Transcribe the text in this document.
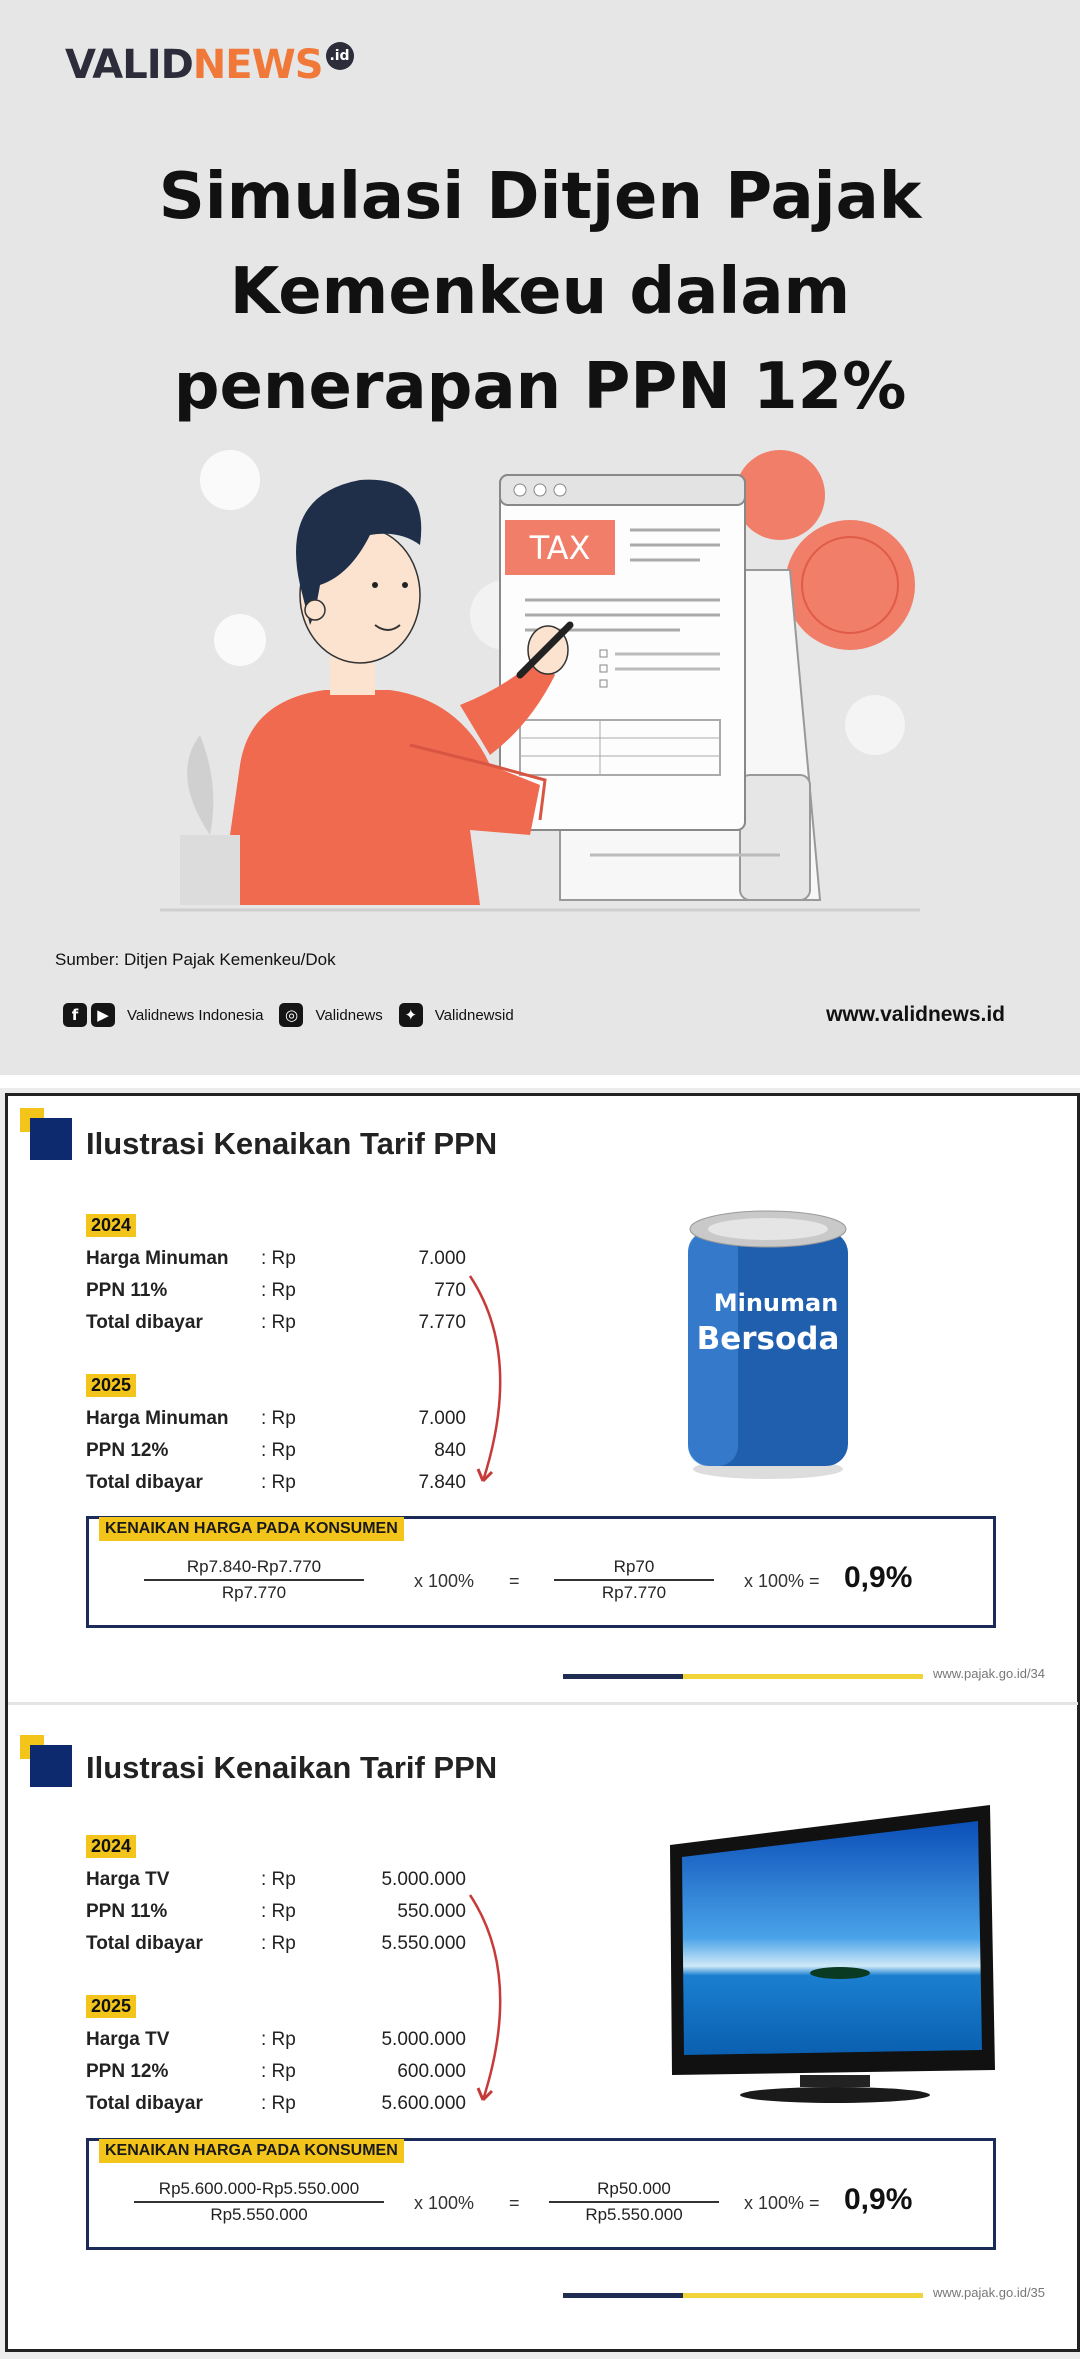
VALID NEWS .id
Simulasi Ditjen Pajak
Kemenkeu dalam
penerapan PPN 12%
TAX
Sumber: Ditjen Pajak Kemenkeu/Dok
f	▶	Validnews Indonesia	◎	Validnews	✦	Validnewsid	www.validnews.id
Ilustrasi Kenaikan Tarif PPN
2024
Harga Minuman : Rp	7.000
PPN 11%	: Rp	770
Total dibayar	: Rp	7.770
2025
Harga Minuman : Rp	7.000
PPN 12%	: Rp	840
Total dibayar	: Rp	7.840
Minuman
Bersoda
KENAIKAN HARGA PADA KONSUMEN
$\frac{Rp7.840-Rp7.770}{Rp7.770}$	x $100\% = \frac{Rp70}{Rp7.770}$ x 100% = 0,9%
www.pajak.go.id/34
Ilustrasi Kenaikan Tarif PPN
2024
Harga TV	: Rp	5.000.000
PPN 11%	: Rp	550.000
Total dibayar	: Rp	5.550.000
2025
Harga TV	: Rp	5.000.000
PPN 12%	: Rp	600.000
Total dibayar	: Rp	5.600.000
KENAIKAN HARGA PADA KONSUMEN
$\frac{Rp5.600.000-Rp5.550.000}{Rp5.550.000}$ x $100\% = \frac{Rp50.000}{Rp5.550.000}$ x 100% = 0,9%
www.pajak.go.id/35
